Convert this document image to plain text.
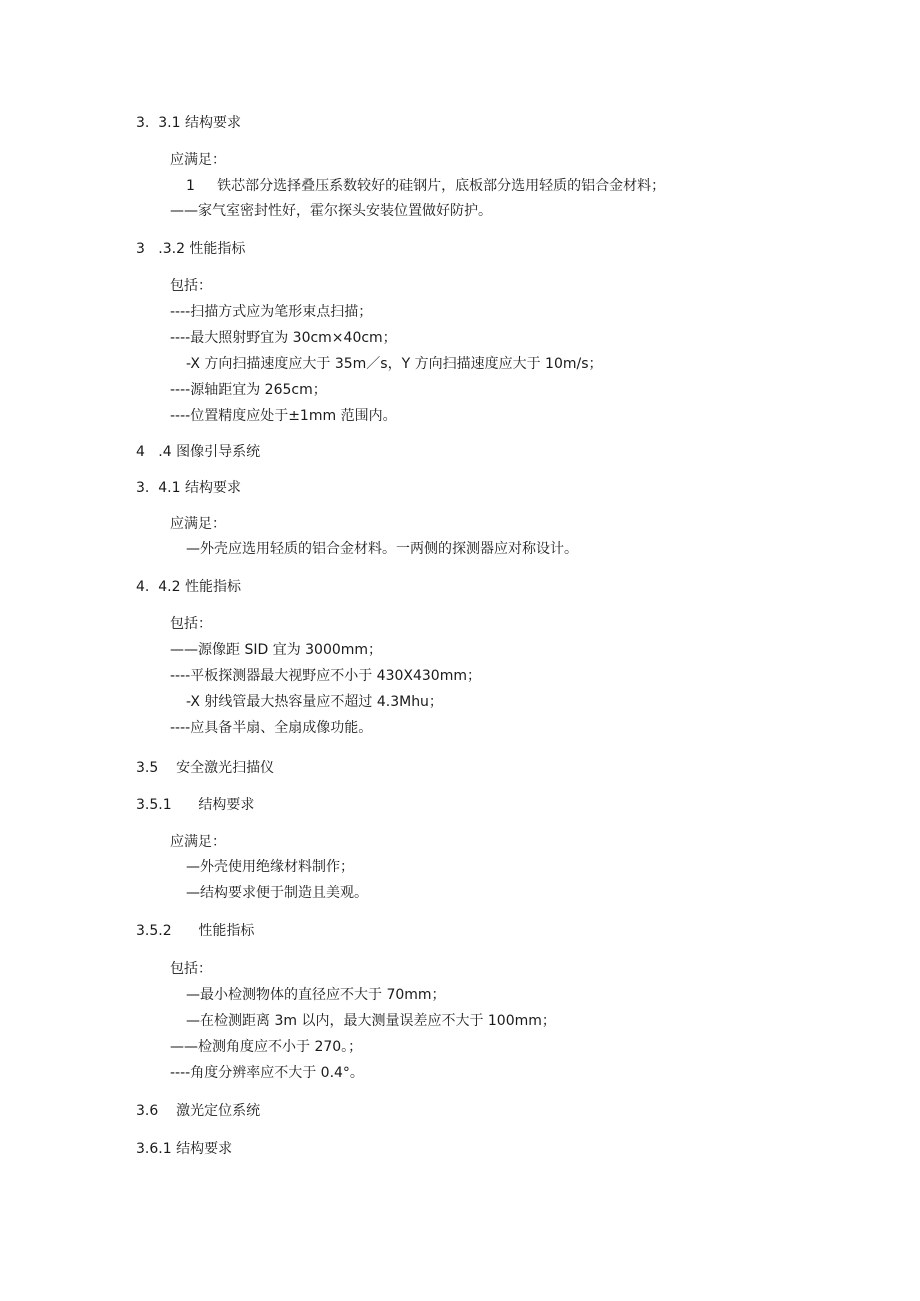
3.  3.1 结构要求
应满足：
1     铁芯部分选择叠压系数较好的硅钢片，底板部分选用轻质的铝合金材料；
——家气室密封性好，霍尔探头安装位置做好防护。
3   .3.2 性能指标
包括：
----扫描方式应为笔形束点扫描；
----最大照射野宜为 30cm×40cm；
-X 方向扫描速度应大于 35m／s，Y 方向扫描速度应大于 10m/s；
----源轴距宜为 265cm；
----位置精度应处于±1mm 范围内。
4   .4 图像引导系统
3.  4.1 结构要求
应满足：
—外壳应选用轻质的铝合金材料。一两侧的探测器应对称设计。
4.  4.2 性能指标
包括：
——源像距 SID 宜为 3000mm；
----平板探测器最大视野应不小于 430X430mm；
-X 射线管最大热容量应不超过 4.3Mhu；
----应具备半扇、全扇成像功能。
3.5    安全激光扫描仪
3.5.1      结构要求
应满足：
—外壳使用绝缘材料制作；
—结构要求便于制造且美观。
3.5.2      性能指标
包括：
—最小检测物体的直径应不大于 70mm；
—在检测距离 3m 以内，最大测量误差应不大于 100mm；
——检测角度应不小于 270。；
----角度分辨率应不大于 0.4°。
3.6    激光定位系统
3.6.1 结构要求
